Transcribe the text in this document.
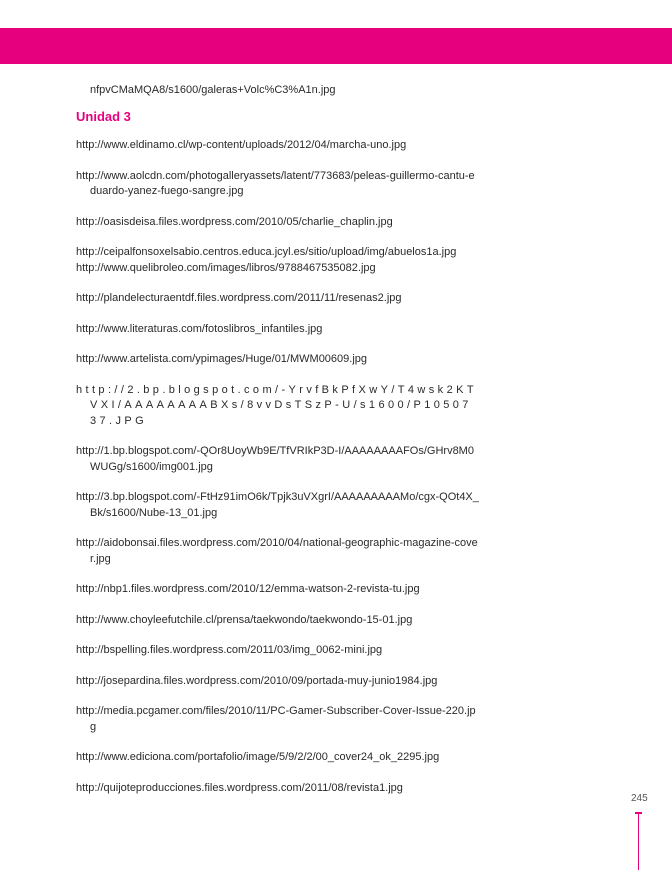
nfpvCMaMQA8/s1600/galeras+Volc%C3%A1n.jpg

Unidad 3
http://www.eldinamo.cl/wp-content/uploads/2012/04/marcha-uno.jpg
http://www.aolcdn.com/photogalleryassets/latent/773683/peleas-guillermo-cantu-eduardo-yanez-fuego-sangre.jpg
http://oasisdeisa.files.wordpress.com/2010/05/charlie_chaplin.jpg
http://ceipalfonsoxelsabio.centros.educa.jcyl.es/sitio/upload/img/abuelos1a.jpg
http://www.quelibroleo.com/images/libros/9788467535082.jpg
http://plandelecturaentdf.files.wordpress.com/2011/11/resenas2.jpg
http://www.literaturas.com/fotoslibros_infantiles.jpg
http://www.artelista.com/ypimages/Huge/01/MWM00609.jpg
http://2.bp.blogspot.com/-YrvfBkPfXwY/T4wsk2KTVXI/AAAAAAAABXs/8vvDsTSzP-U/s1600/P1050737.JPG
http://1.bp.blogspot.com/-QOr8UoyWb9E/TfVRIkP3D-I/AAAAAAAAFOs/GHrv8M0WUGg/s1600/img001.jpg
http://3.bp.blogspot.com/-FtHz91imO6k/Tpjk3uVXgrI/AAAAAAAAAMo/cgx-QOt4X_Bk/s1600/Nube-13_01.jpg
http://aidobonsai.files.wordpress.com/2010/04/national-geographic-magazine-cover.jpg
http://nbp1.files.wordpress.com/2010/12/emma-watson-2-revista-tu.jpg
http://www.choyleefutchile.cl/prensa/taekwondo/taekwondo-15-01.jpg
http://bspelling.files.wordpress.com/2011/03/img_0062-mini.jpg
http://josepardina.files.wordpress.com/2010/09/portada-muy-junio1984.jpg
http://media.pcgamer.com/files/2010/11/PC-Gamer-Subscriber-Cover-Issue-220.jpg
http://www.ediciona.com/portafolio/image/5/9/2/2/00_cover24_ok_2295.jpg
http://quijoteproducciones.files.wordpress.com/2011/08/revista1.jpg
245
